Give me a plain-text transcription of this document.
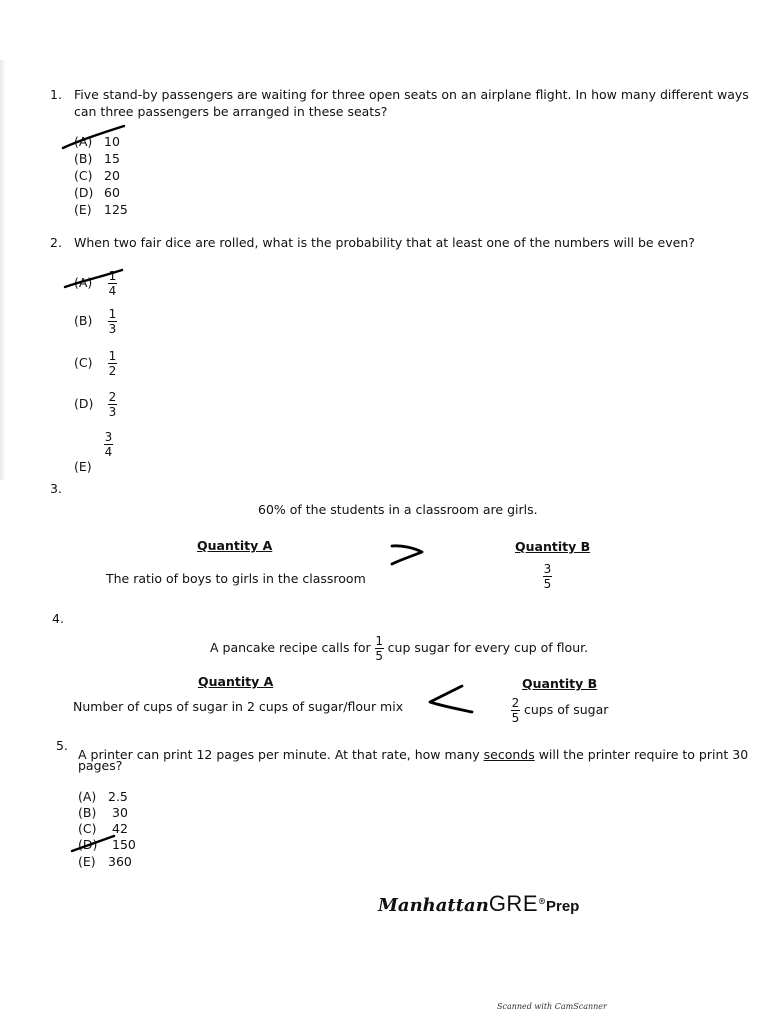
1. Five stand-by passengers are waiting for three open seats on an airplane flight. In how many different ways
can three passengers be arranged in these seats?
(A) 10
(B) 15
(C) 20
(D) 60
(E) 125
2. When two fair dice are rolled, what is the probability that at least one of the numbers will be even?
$(A) \frac{1}{4}$
$(B) \frac{1}{3}$
$(C) \frac{1}{2}$
$(D) \frac{2}{3}$
$\frac{3}{4}$
(E)
3.
60% of the students in a classroom are girls.
Quantity A	Quantity B
The ratio of boys to girls in the classroom	$\frac{3}{5}$
4.
A pancake recipe calls for $\frac{1}{5}$ cup sugar for every cup of flour.
Quantity A	Quantity B
Number of cups of sugar in 2 cups of sugar/flour mix	$\frac{2}{5}$ cups of sugar
5.
A printer can print 12 pages per minute. At that rate, how many seconds will the printer require to print 30
pages?
(A) 2.5
(B) 30
(C) 42
(D) 150
(E) 360
ManhattanGRE®Prep
Scanned with CamScanner
